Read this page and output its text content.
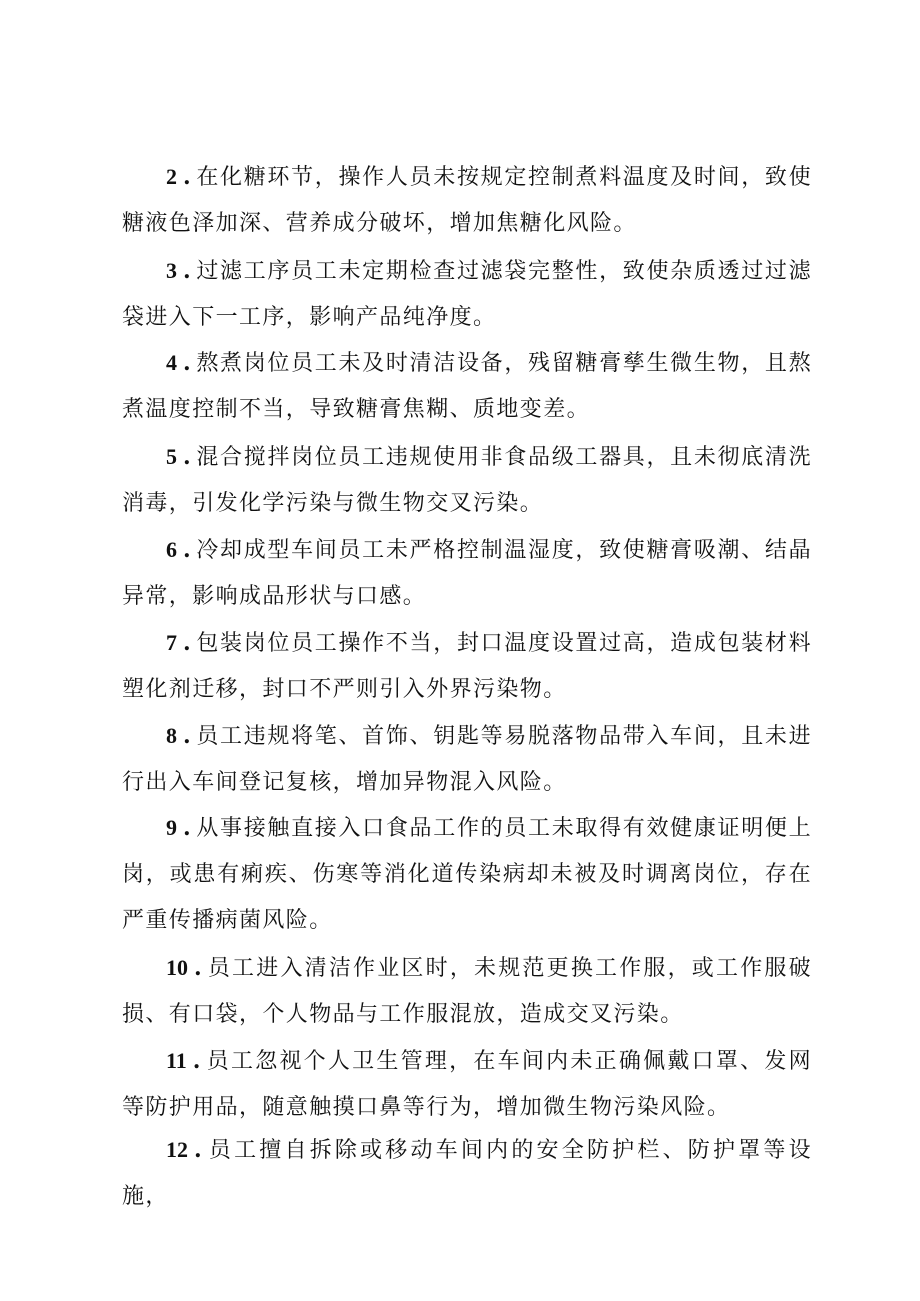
2 . 在化糖环节，操作人员未按规定控制煮料温度及时间，致使糖液色泽加深、营养成分破坏，增加焦糖化风险。

3 . 过滤工序员工未定期检查过滤袋完整性，致使杂质透过过滤袋进入下一工序，影响产品纯净度。

4 . 熬煮岗位员工未及时清洁设备，残留糖膏孳生微生物，且熬煮温度控制不当，导致糖膏焦糊、质地变差。

5 . 混合搅拌岗位员工违规使用非食品级工器具，且未彻底清洗消毒，引发化学污染与微生物交叉污染。

6 . 冷却成型车间员工未严格控制温湿度，致使糖膏吸潮、结晶异常，影响成品形状与口感。

7 . 包装岗位员工操作不当，封口温度设置过高，造成包装材料塑化剂迁移，封口不严则引入外界污染物。

8 . 员工违规将笔、首饰、钥匙等易脱落物品带入车间，且未进行出入车间登记复核，增加异物混入风险。

9 . 从事接触直接入口食品工作的员工未取得有效健康证明便上岗，或患有痢疾、伤寒等消化道传染病却未被及时调离岗位，存在严重传播病菌风险。

10 . 员工进入清洁作业区时，未规范更换工作服，或工作服破损、有口袋，个人物品与工作服混放，造成交叉污染。

11 . 员工忽视个人卫生管理，在车间内未正确佩戴口罩、发网等防护用品，随意触摸口鼻等行为，增加微生物污染风险。

12 . 员工擅自拆除或移动车间内的安全防护栏、防护罩等设施，
